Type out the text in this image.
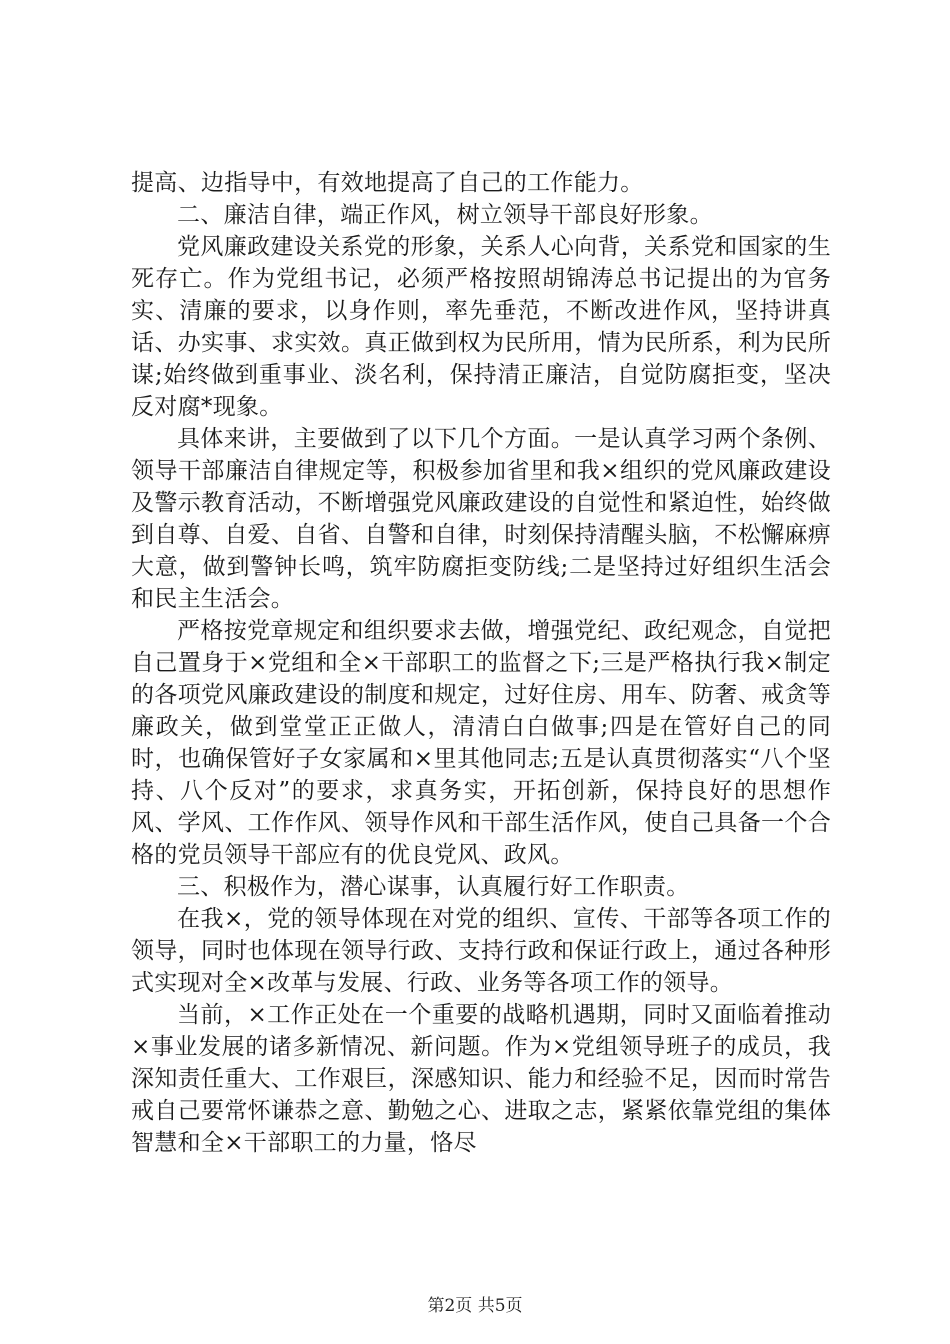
提高、边指导中，有效地提高了自己的工作能力。

二、廉洁自律，端正作风，树立领导干部良好形象。

党风廉政建设关系党的形象，关系人心向背，关系党和国家的生死存亡。作为党组书记，必须严格按照胡锦涛总书记提出的为官务实、清廉的要求，以身作则，率先垂范，不断改进作风，坚持讲真话、办实事、求实效。真正做到权为民所用，情为民所系，利为民所谋;始终做到重事业、淡名利，保持清正廉洁，自觉防腐拒变，坚决反对腐*现象。

具体来讲，主要做到了以下几个方面。一是认真学习两个条例、领导干部廉洁自律规定等，积极参加省里和我×组织的党风廉政建设及警示教育活动，不断增强党风廉政建设的自觉性和紧迫性，始终做到自尊、自爱、自省、自警和自律，时刻保持清醒头脑，不松懈麻痹大意，做到警钟长鸣，筑牢防腐拒变防线;二是坚持过好组织生活会和民主生活会。

严格按党章规定和组织要求去做，增强党纪、政纪观念，自觉把自己置身于×党组和全×干部职工的监督之下;三是严格执行我×制定的各项党风廉政建设的制度和规定，过好住房、用车、防奢、戒贪等廉政关，做到堂堂正正做人，清清白白做事;四是在管好自己的同时，也确保管好子女家属和×里其他同志;五是认真贯彻落实“八个坚持、八个反对”的要求，求真务实，开拓创新，保持良好的思想作风、学风、工作作风、领导作风和干部生活作风，使自己具备一个合格的党员领导干部应有的优良党风、政风。

三、积极作为，潜心谋事，认真履行好工作职责。

在我×，党的领导体现在对党的组织、宣传、干部等各项工作的领导，同时也体现在领导行政、支持行政和保证行政上，通过各种形式实现对全×改革与发展、行政、业务等各项工作的领导。

当前，×工作正处在一个重要的战略机遇期，同时又面临着推动×事业发展的诸多新情况、新问题。作为×党组领导班子的成员，我深知责任重大、工作艰巨，深感知识、能力和经验不足，因而时常告戒自己要常怀谦恭之意、勤勉之心、进取之志，紧紧依靠党组的集体智慧和全×干部职工的力量，恪尽

第2页 共5页
